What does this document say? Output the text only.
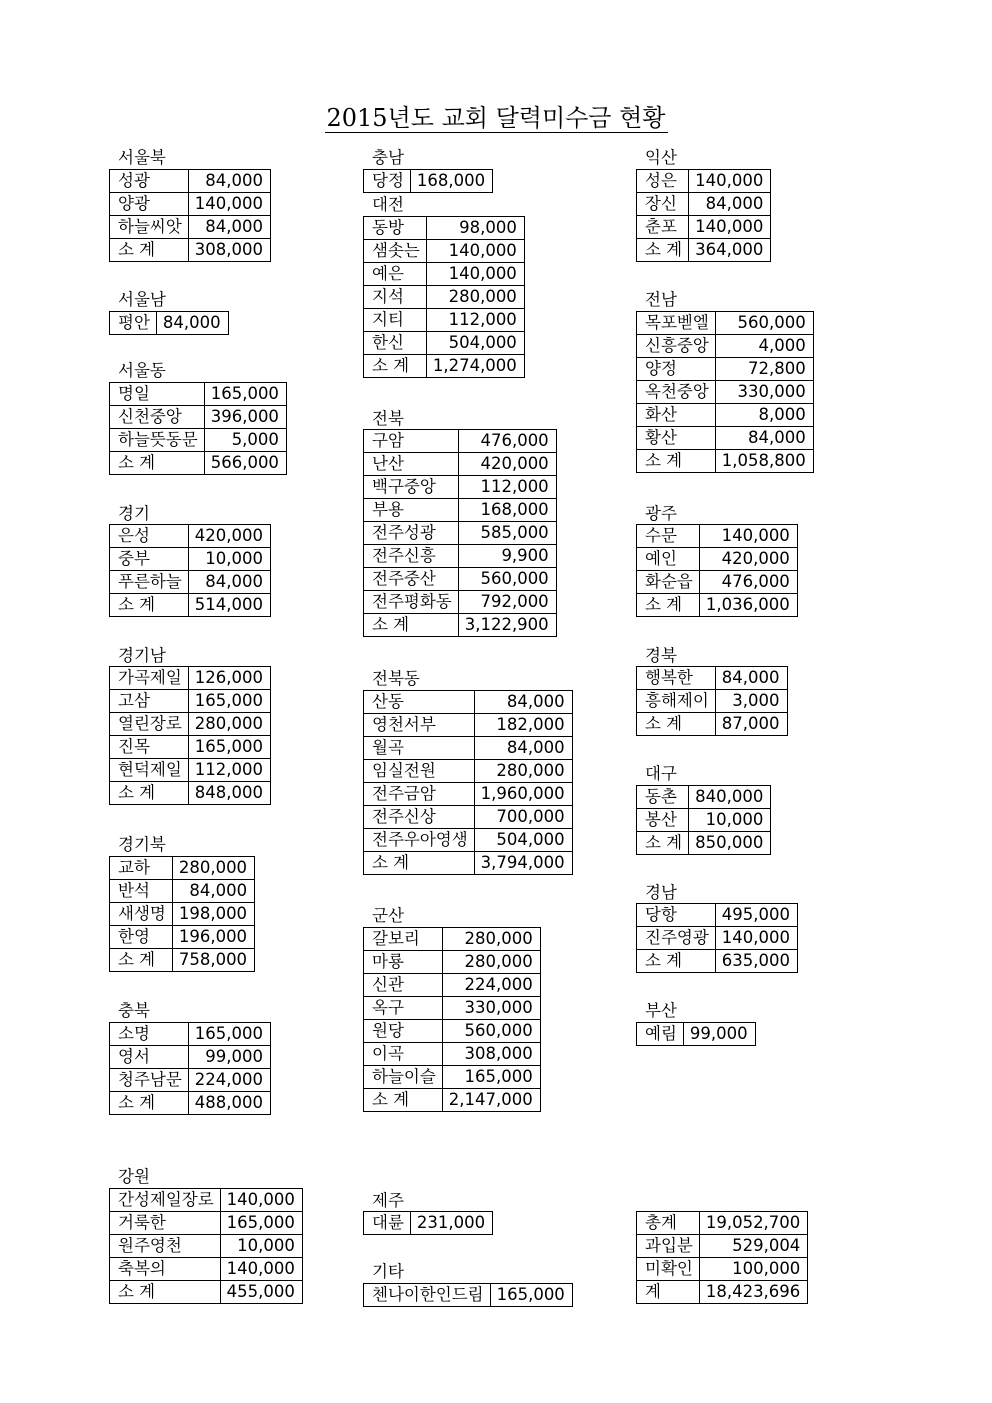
2015년도 교회 달력미수금 현황
서울북
성광	84,000
양광	140,000
하늘씨앗	84,000
소 계	308,000
서울남
평안	84,000
서울동
명일	165,000
신천중앙	396,000
하늘뜻동문	5,000
소 계	566,000
경기
은성	420,000
중부	10,000
푸른하늘	84,000
소 계	514,000
경기남
가곡제일	126,000
고삼	165,000
열린장로	280,000
진목	165,000
현덕제일	112,000
소 계	848,000
경기북
교하	280,000
반석	84,000
새생명	198,000
한영	196,000
소 계	758,000
충북
소명	165,000
영서	99,000
청주남문	224,000
소 계	488,000
강원
간성제일장로	140,000
거룩한	165,000
원주영천	10,000
축복의	140,000
소 계	455,000
충남
당정	168,000
대전
동방	98,000
샘솟는	140,000
예은	140,000
지석	280,000
지티	112,000
한신	504,000
소 계	1,274,000
전북
구암	476,000
난산	420,000
백구중앙	112,000
부용	168,000
전주성광	585,000
전주신흥	9,900
전주중산	560,000
전주평화동	792,000
소 계	3,122,900
전북동
산동	84,000
영천서부	182,000
월곡	84,000
임실전원	280,000
전주금암	1,960,000
전주신상	700,000
전주우아영생	504,000
소 계	3,794,000
군산
갈보리	280,000
마룡	280,000
신관	224,000
옥구	330,000
원당	560,000
이곡	308,000
하늘이슬	165,000
소 계	2,147,000
제주
대륜	231,000
기타
첸나이한인드림	165,000
익산
성은	140,000
장신	84,000
춘포	140,000
소 계	364,000
전남
목포벧엘	560,000
신흥중앙	4,000
양정	72,800
옥천중앙	330,000
화산	8,000
황산	84,000
소 계	1,058,800
광주
수문	140,000
예인	420,000
화순읍	476,000
소 계	1,036,000
경북
행복한	84,000
흥해제이	3,000
소 계	87,000
대구
동촌	840,000
봉산	10,000
소 계	850,000
경남
당항	495,000
진주영광	140,000
소 계	635,000
부산
예림	99,000
총계	19,052,700
과입분	529,004
미확인	100,000
계	18,423,696
